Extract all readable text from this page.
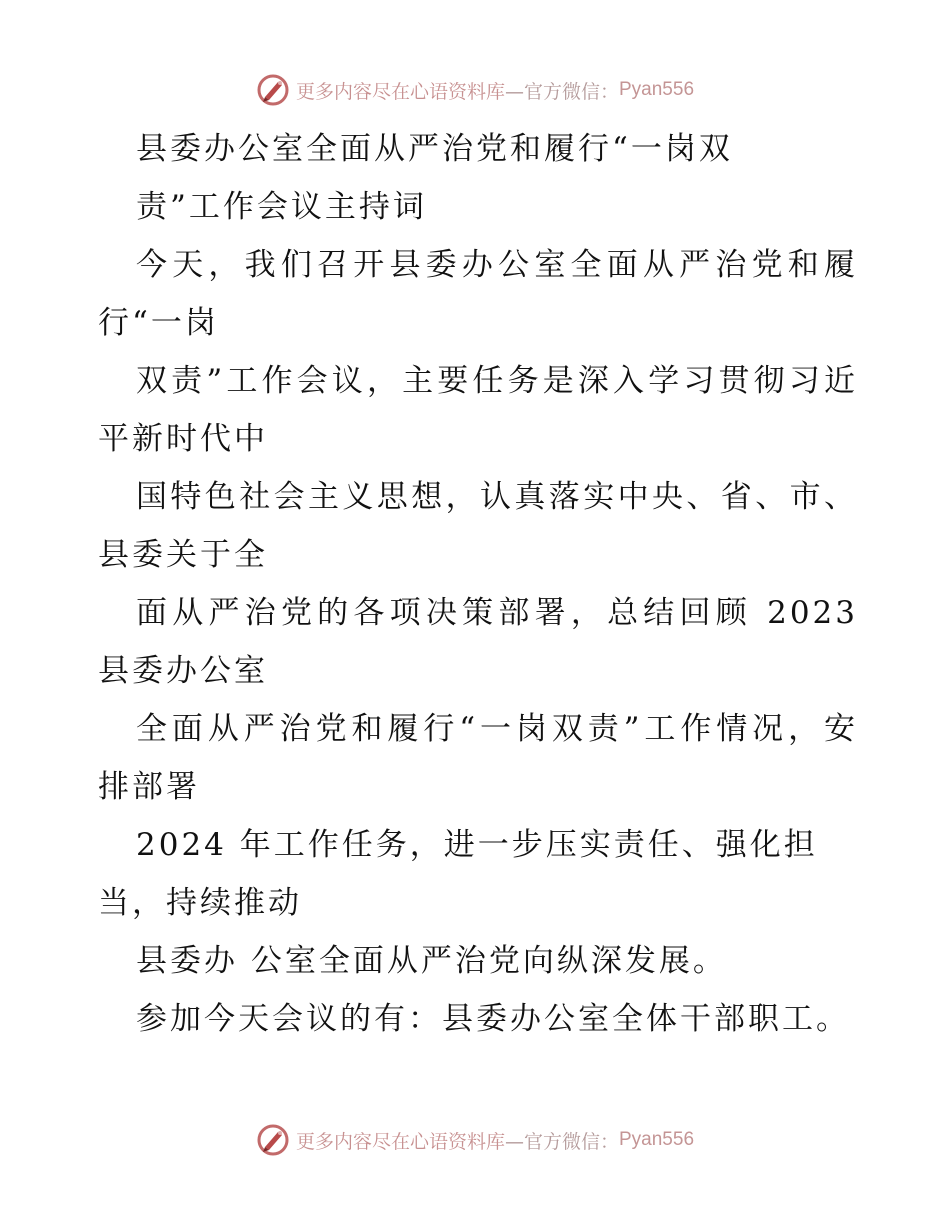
更多内容尽在心语资料库 —官方微信： Pyan556
县委办公室全面从严治党和履行“一岗双
责”工作会议主持词
今天，我们召开县委办公室全面从严治党和履
行“一岗
双责”工作会议，主要任务是深入学习贯彻习近
平新时代中
国特色社会主义思想，认真落实中央、省、市、
县委关于全
面从严治党的各项决策部署，总结回顾 2023
县委办公室
全面从严治党和履行“一岗双责”工作情况，安
排部署
2024 年工作任务，进一步压实责任、强化担
当，持续推动
县委办 公室全面从严治党向纵深发展。
参加今天会议的有：县委办公室全体干部职工。
更多内容尽在心语资料库 —官方微信： Pyan556
